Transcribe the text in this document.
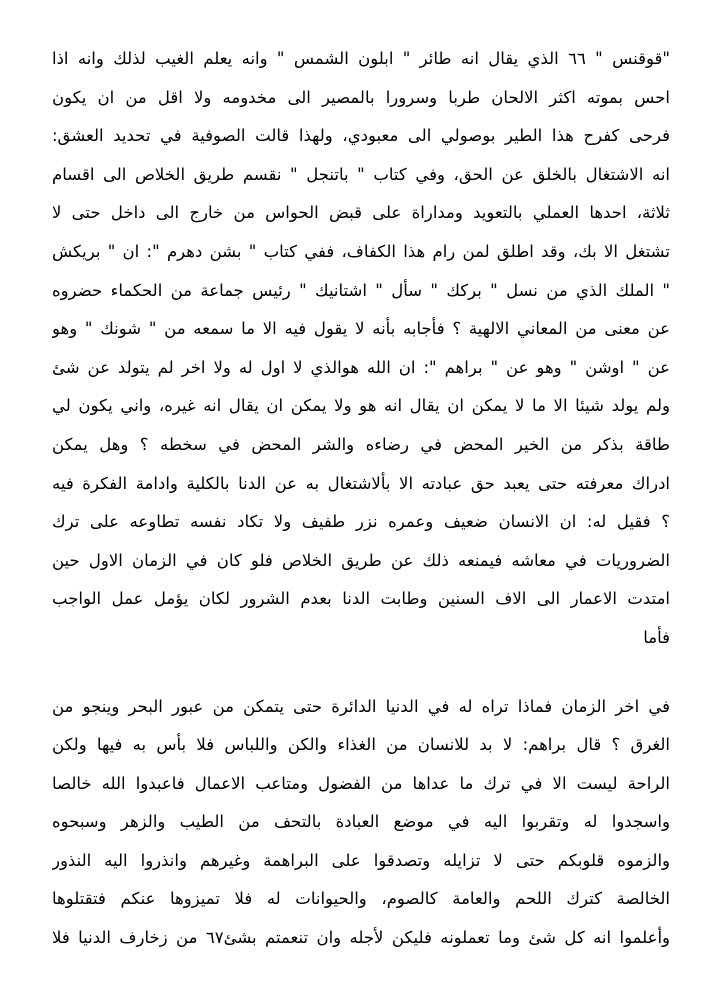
"قوقنس " ٦٦ الذي يقال انه طائر " ابلون الشمس " وانه يعلم الغيب لذلك وانه اذا
احس بموته اكثر الالحان طربا وسرورا بالمصير الى مخدومه ولا اقل من ان يكون
فرحى كفرح هذا الطير بوصولي الى معبودي، ولهذا قالت الصوفية في تحديد العشق:
انه الاشتغال بالخلق عن الحق، وفي كتاب " باتنجل " نقسم طريق الخلاص الى اقسام
ثلاثة، احدها العملي بالتعويد ومداراة على قبض الحواس من خارج الى داخل حتى لا
تشتغل الا بك، وقد اطلق لمن رام هذا الكفاف، ففي كتاب " بشن دهرم ": ان " بريكش
" الملك الذي من نسل " بركك " سأل " اشتانيك " رئيس جماعة من الحكماء حضروه
عن معنى من المعاني الالهية ؟ فأجابه بأنه لا يقول فيه الا ما سمعه من " شونك " وهو
عن " اوشن " وهو عن " براهم ": ان الله هوالذي لا اول له ولا اخر لم يتولد عن شئ
ولم يولد شيئا الا ما لا يمكن ان يقال انه هو ولا يمكن ان يقال انه غيره، واني يكون لي
طاقة بذكر من الخير المحض في رضاءه والشر المحض في سخطه ؟ وهل يمكن
ادراك معرفته حتى يعبد حق عبادته الا بألاشتغال به عن الدنا بالكلية وادامة الفكرة فيه
؟ فقيل له: ان الانسان ضعيف وعمره نزر طفيف ولا تكاد نفسه تطاوعه على ترك
الضروريات في معاشه فيمنعه ذلك عن طريق الخلاص فلو كان في الزمان الاول حين
امتدت الاعمار الى الاف السنين وطابت الدنا بعدم الشرور لكان يؤمل عمل الواجب
فأما
في اخر الزمان فماذا تراه له في الدنيا الدائرة حتى يتمكن من عبور البحر وينجو من
الغرق ؟ قال براهم: لا بد للانسان من الغذاء والكن واللباس فلا بأس به فيها ولكن
الراحة ليست الا في ترك ما عداها من الفضول ومتاعب الاعمال فاعبدوا الله خالصا
واسجدوا له وتقربوا اليه في موضع العبادة بالتحف من الطيب والزهر وسبحوه
والزموه قلوبكم حتى لا تزايله وتصدقوا على البراهمة وغيرهم وانذروا اليه النذور
الخالصة كترك اللحم والعامة كالصوم، والحيوانات له فلا تميزوها عنكم فتقتلوها
وأعلموا انه كل شئ وما تعملونه فليكن لأجله وان تنعمتم بشئ٦٧ من زخارف الدنيا فلا
